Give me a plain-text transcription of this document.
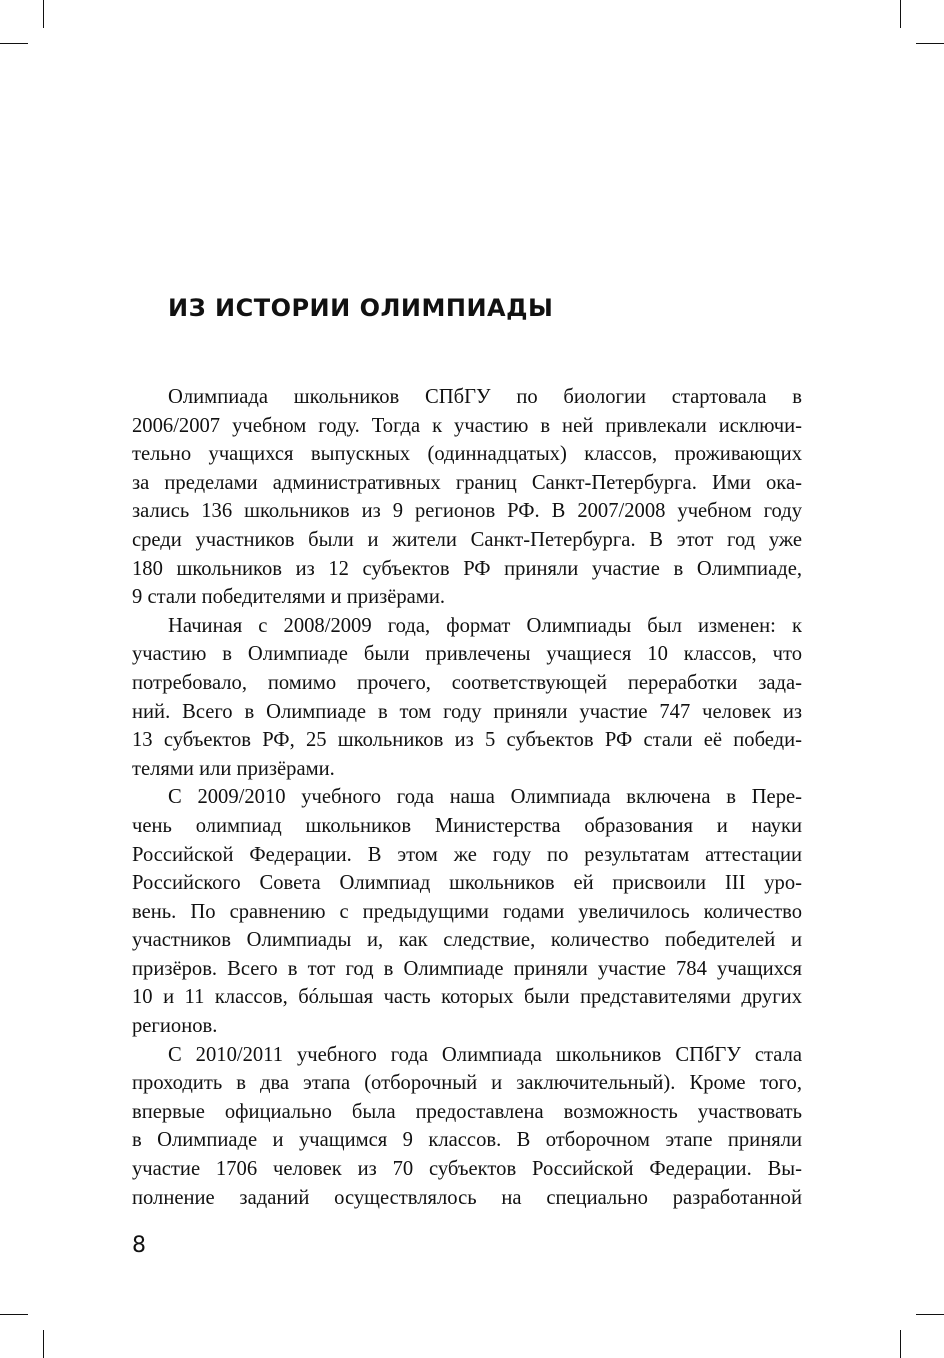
ИЗ ИСТОРИИ ОЛИМПИАДЫ
Олимпиада школьников СПбГУ по биологии стартовала в
2006/2007 учебном году. Тогда к участию в ней привлекали исключи-
тельно учащихся выпускных (одиннадцатых) классов, проживающих
за пределами административных границ Санкт-Петербурга. Ими ока-
зались 136 школьников из 9 регионов РФ. В 2007/2008 учебном году
среди участников были и жители Санкт-Петербурга. В этот год уже
180 школьников из 12 субъектов РФ приняли участие в Олимпиаде,
9 стали победителями и призёрами.
Начиная с 2008/2009 года, формат Олимпиады был изменен: к
участию в Олимпиаде были привлечены учащиеся 10 классов, что
потребовало, помимо прочего, соответствующей переработки зада-
ний. Всего в Олимпиаде в том году приняли участие 747 человек из
13 субъектов РФ, 25 школьников из 5 субъектов РФ стали её победи-
телями или призёрами.
С 2009/2010 учебного года наша Олимпиада включена в Пере-
чень олимпиад школьников Министерства образования и науки
Российской Федерации. В этом же году по результатам аттестации
Российского Совета Олимпиад школьников ей присвоили III уро-
вень. По сравнению с предыдущими годами увеличилось количество
участников Олимпиады и, как следствие, количество победителей и
призёров. Всего в тот год в Олимпиаде приняли участие 784 учащихся
10 и 11 классов, бóльшая часть которых были представителями других
регионов.
С 2010/2011 учебного года Олимпиада школьников СПбГУ стала
проходить в два этапа (отборочный и заключительный). Кроме того,
впервые официально была предоставлена возможность участвовать
в Олимпиаде и учащимся 9 классов. В отборочном этапе приняли
участие 1706 человек из 70 субъектов Российской Федерации. Вы-
полнение заданий осуществлялось на специально разработанной
8
